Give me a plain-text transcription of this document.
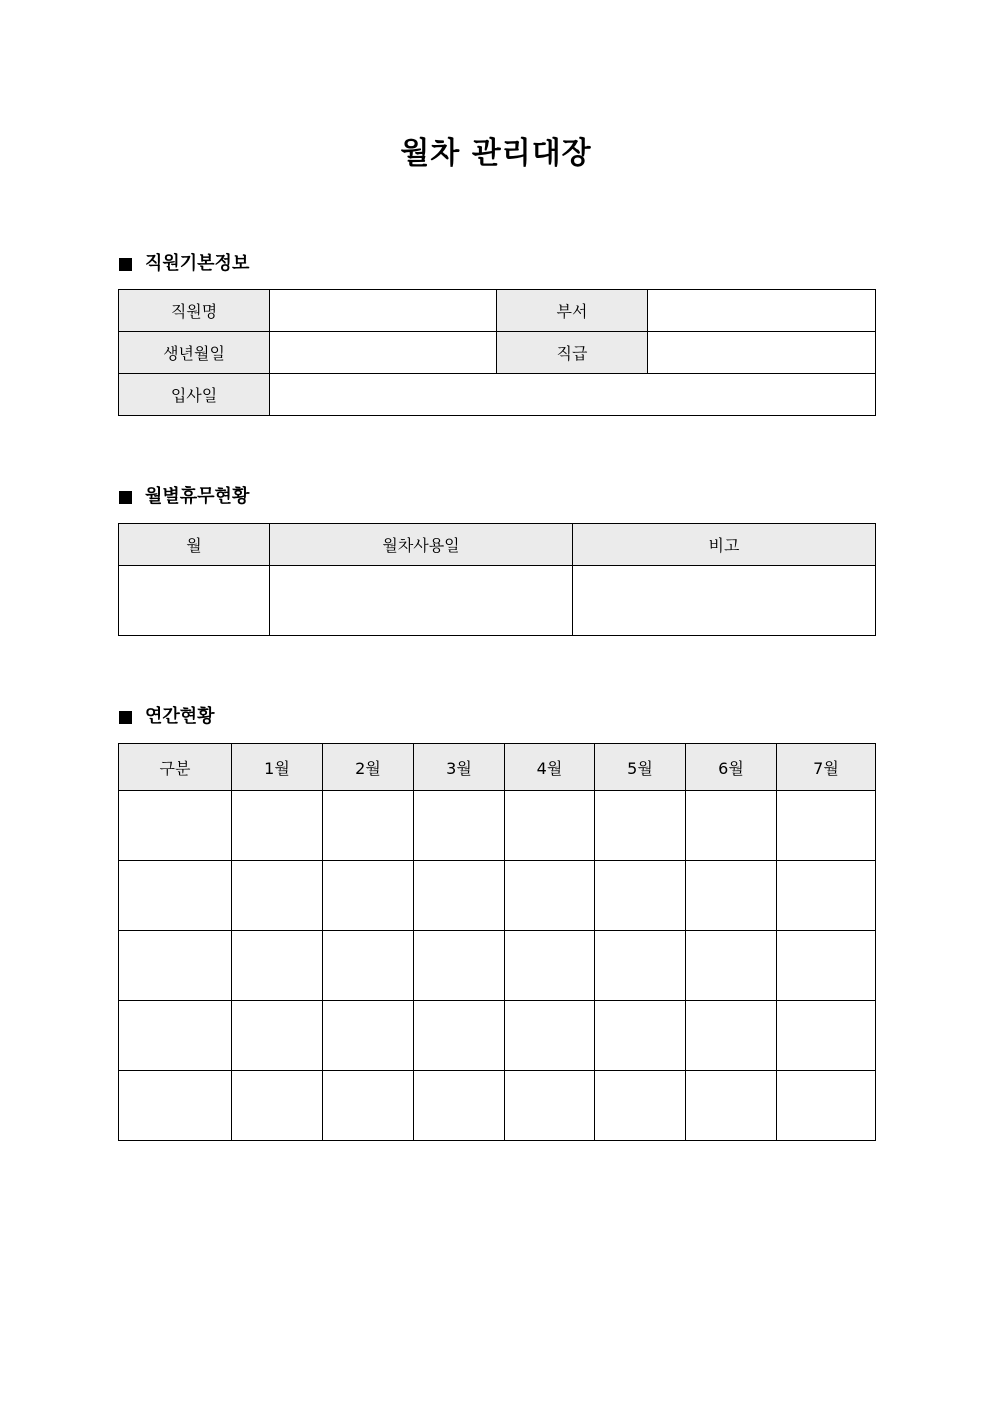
월차 관리대장
직원기본정보
직원명		부서	
생년월일		직급	
입사일			
월별휴무현황
월	월차사용일	비고

연간현황
구분	1월	2월	3월	4월	5월	6월	7월
